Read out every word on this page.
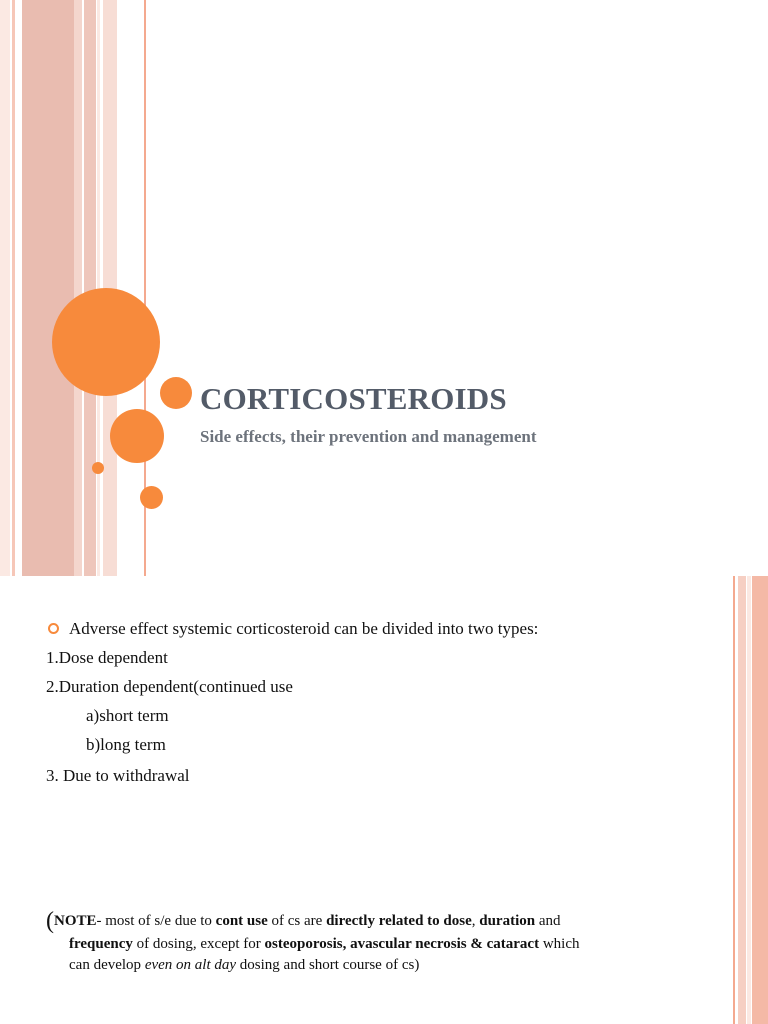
CORTICOSTEROIDS
Side effects, their prevention and management
Adverse effect systemic corticosteroid can be divided into two types:
1.Dose dependent
2.Duration dependent(continued use
a)short term
b)long term
3. Due to withdrawal
(NOTE- most of s/e due to cont use of cs are directly related to dose, duration and
frequency of dosing, except for osteoporosis, avascular necrosis & cataract which
can develop even on alt day dosing and short course of cs)
